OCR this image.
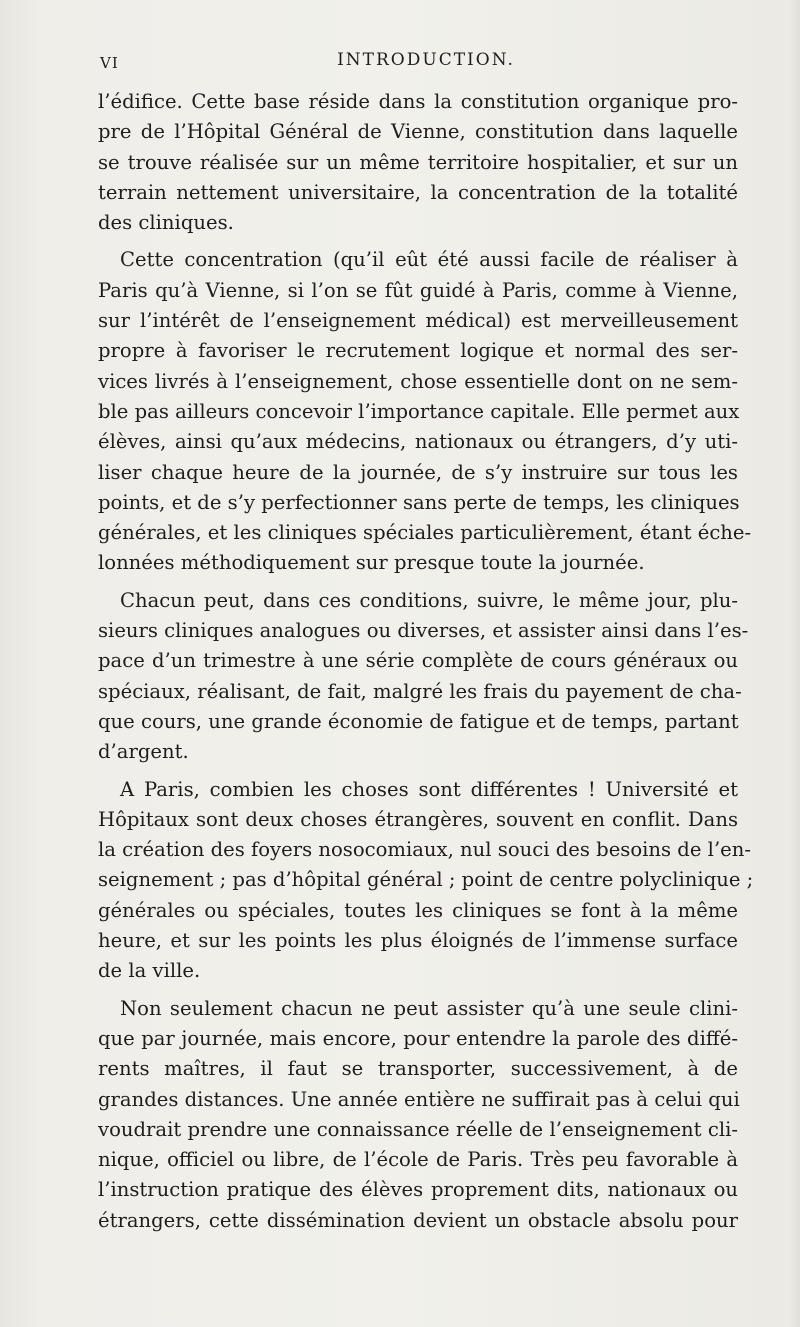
VI	INTRODUCTION.

l’édifice. Cette base réside dans la constitution organique pro-
pre de l’Hôpital Général de Vienne, constitution dans laquelle
se trouve réalisée sur un même territoire hospitalier, et sur un
terrain nettement universitaire, la concentration de la totalité
des cliniques.

Cette concentration (qu’il eût été aussi facile de réaliser à
Paris qu’à Vienne, si l’on se fût guidé à Paris, comme à Vienne,
sur l’intérêt de l’enseignement médical) est merveilleusement
propre à favoriser le recrutement logique et normal des ser-
vices livrés à l’enseignement, chose essentielle dont on ne sem-
ble pas ailleurs concevoir l’importance capitale. Elle permet aux
élèves, ainsi qu’aux médecins, nationaux ou étrangers, d’y uti-
liser chaque heure de la journée, de s’y instruire sur tous les
points, et de s’y perfectionner sans perte de temps, les cliniques
générales, et les cliniques spéciales particulièrement, étant éche-
lonnées méthodiquement sur presque toute la journée.

Chacun peut, dans ces conditions, suivre, le même jour, plu-
sieurs cliniques analogues ou diverses, et assister ainsi dans l’es-
pace d’un trimestre à une série complète de cours généraux ou
spéciaux, réalisant, de fait, malgré les frais du payement de cha-
que cours, une grande économie de fatigue et de temps, partant
d’argent.

A Paris, combien les choses sont différentes ! Université et
Hôpitaux sont deux choses étrangères, souvent en conflit. Dans
la création des foyers nosocomiaux, nul souci des besoins de l’en-
seignement ; pas d’hôpital général ; point de centre polyclinique ;
générales ou spéciales, toutes les cliniques se font à la même
heure, et sur les points les plus éloignés de l’immense surface
de la ville.

Non seulement chacun ne peut assister qu’à une seule clini-
que par journée, mais encore, pour entendre la parole des diffé-
rents maîtres, il faut se transporter, successivement, à de
grandes distances. Une année entière ne suffirait pas à celui qui
voudrait prendre une connaissance réelle de l’enseignement cli-
nique, officiel ou libre, de l’école de Paris. Très peu favorable à
l’instruction pratique des élèves proprement dits, nationaux ou
étrangers, cette dissémination devient un obstacle absolu pour
